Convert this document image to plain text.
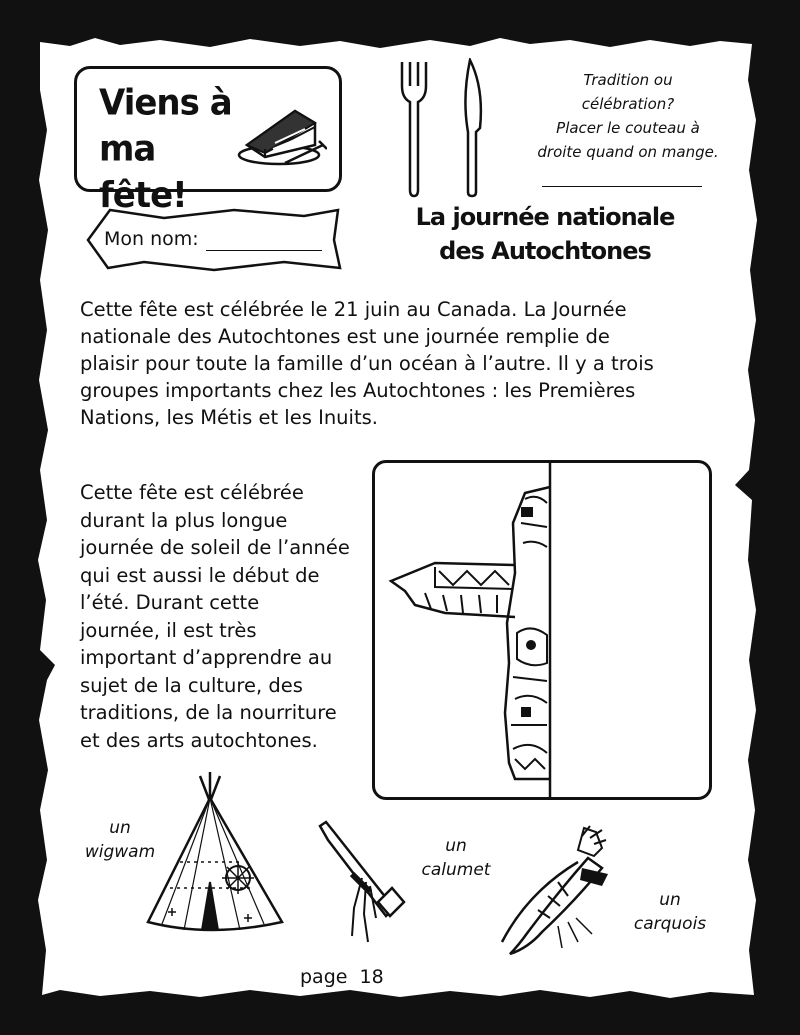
Viens à
ma fête!
Mon nom:
Tradition ou
célébration?
Placer le couteau à
droite quand on mange.
La journée nationale
des Autochtones
Cette fête est célébrée le 21 juin au Canada. La Journée
nationale des Autochtones est une journée remplie de
plaisir pour toute la famille d’un océan à l’autre. Il y a trois
groupes importants chez les Autochtones : les Premières
Nations, les Métis et les Inuits.
Cette fête est célébrée
durant la plus longue
journée de soleil de l’année
qui est aussi le début de
l’été. Durant cette
journée, il est très
important d’apprendre au
sujet de la culture, des
traditions, de la nourriture
et des arts autochtones.
un
wigwam	un
calumet
un
carquois
page  18
